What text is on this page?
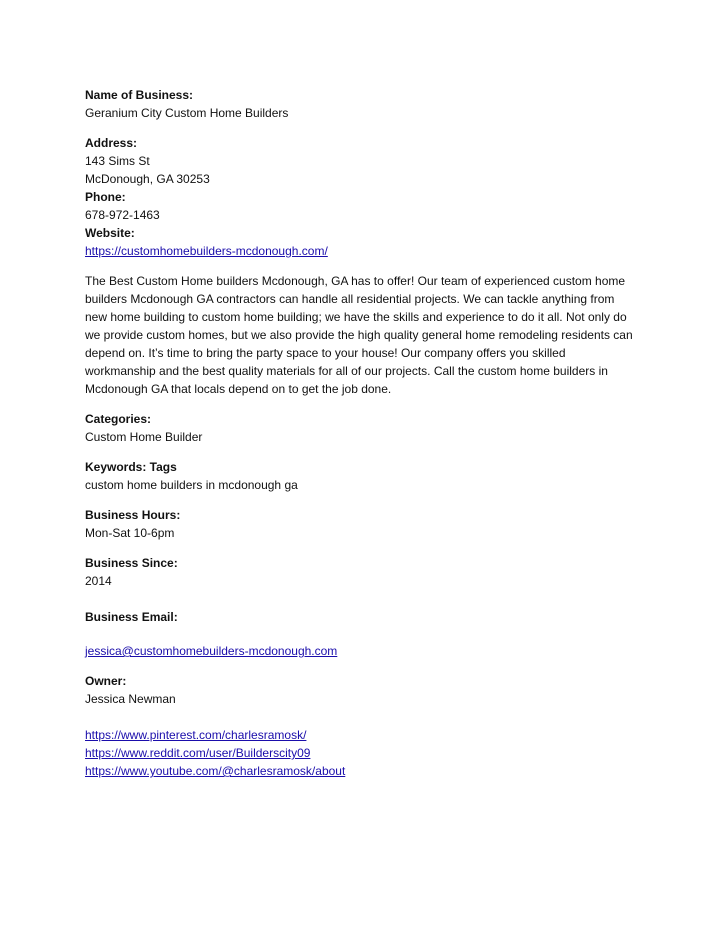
Name of Business:
Geranium City Custom Home Builders
Address:
143 Sims St
McDonough, GA 30253
Phone:
678-972-1463
Website:
https://customhomebuilders-mcdonough.com/
The Best Custom Home builders Mcdonough, GA has to offer! Our team of experienced custom home builders Mcdonough GA contractors can handle all residential projects. We can tackle anything from new home building to custom home building; we have the skills and experience to do it all. Not only do we provide custom homes, but we also provide the high quality general home remodeling residents can depend on. It’s time to bring the party space to your house! Our company offers you skilled workmanship and the best quality materials for all of our projects. Call the custom home builders in Mcdonough GA that locals depend on to get the job done.
Categories:
Custom Home Builder
Keywords: Tags
custom home builders in mcdonough ga
Business Hours:
Mon-Sat 10-6pm
Business Since:
2014
Business Email:
jessica@customhomebuilders-mcdonough.com
Owner:
Jessica Newman
https://www.pinterest.com/charlesramosk/
https://www.reddit.com/user/Builderscity09
https://www.youtube.com/@charlesramosk/about
